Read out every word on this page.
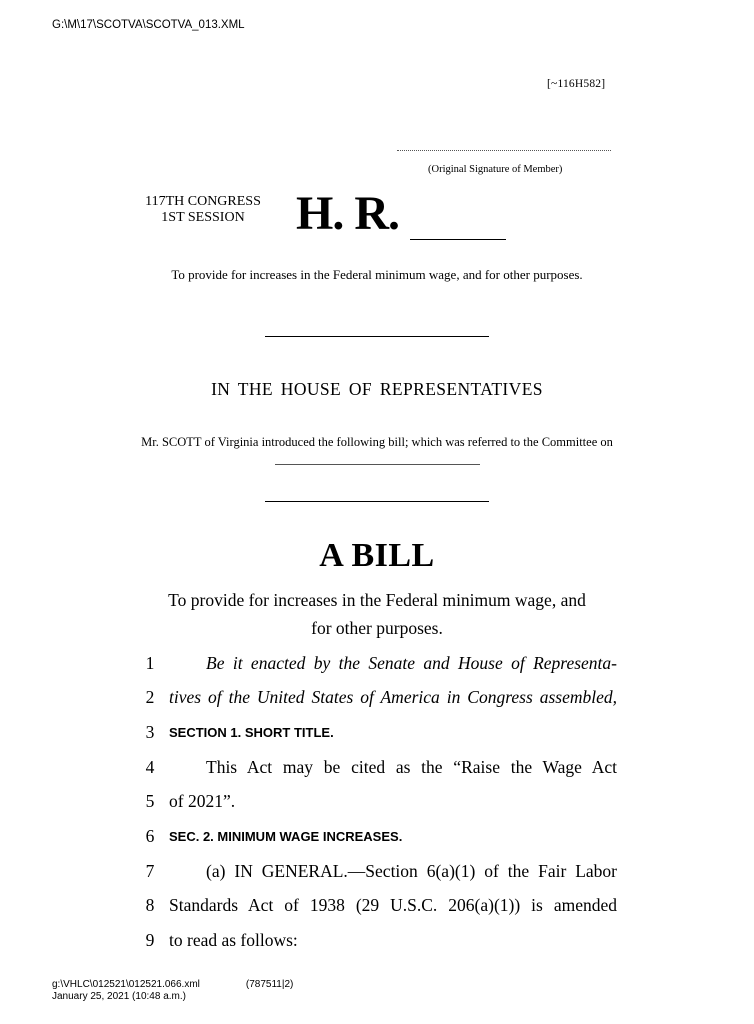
G:\M\17\SCOTVA\SCOTVA_013.XML
[~116H582]
(Original Signature of Member)
117TH CONGRESS
1ST SESSION	H. R.
To provide for increases in the Federal minimum wage, and for other purposes.
IN THE HOUSE OF REPRESENTATIVES
Mr. SCOTT of Virginia introduced the following bill; which was referred to the Committee on
A BILL
To provide for increases in the Federal minimum wage, and
for other purposes.
1	Be it enacted by the Senate and House of Representa-
2 tives of the United States of America in Congress assembled,
3	SECTION 1. SHORT TITLE.
4	This Act may be cited as the “Raise the Wage Act
5 of 2021”.
6	SEC. 2. MINIMUM WAGE INCREASES.
7	(a) IN GENERAL.—Section 6(a)(1) of the Fair Labor
8 Standards Act of 1938 (29 U.S.C. 206(a)(1)) is amended
9 to read as follows:
g:\VHLC\012521\012521.066.xml	(787511|2)
January 25, 2021 (10:48 a.m.)
